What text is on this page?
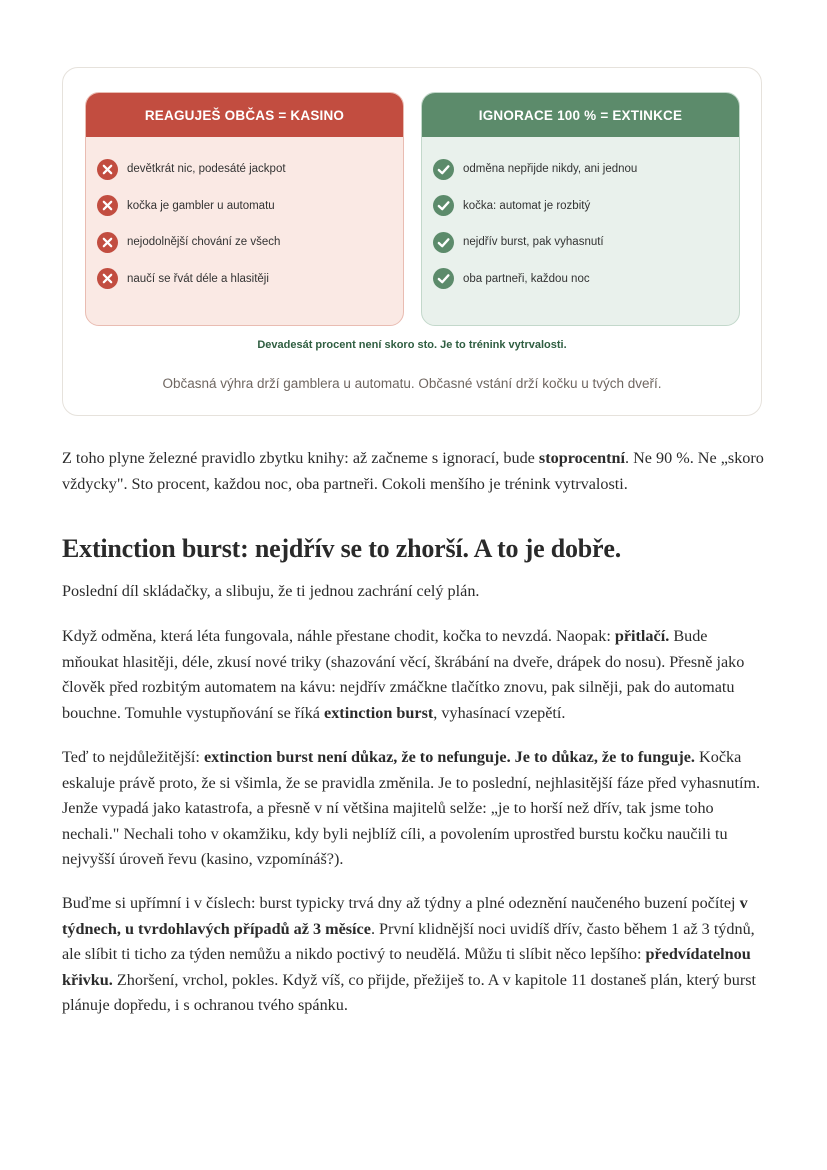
REAGUJEŠ OBČAS = KASINO
devětkrát nic, podesáté jackpot
kočka je gambler u automatu
nejodolnější chování ze všech
naučí se řvát déle a hlasitěji
IGNORACE 100 % = EXTINKCE
odměna nepřijde nikdy, ani jednou
kočka: automat je rozbitý
nejdřív burst, pak vyhasnutí
oba partneři, každou noc
Devadesát procent není skoro sto. Je to trénink vytrvalosti.
Občasná výhra drží gamblera u automatu. Občasné vstání drží kočku u tvých dveří.

Z toho plyne železné pravidlo zbytku knihy: až začneme s ignorací, bude stoprocentní. Ne 90 %. Ne „skoro vždycky". Sto procent, každou noc, oba partneři. Cokoli menšího je trénink vytrvalosti.

Extinction burst: nejdřív se to zhorší. A to je dobře.

Poslední díl skládačky, a slibuju, že ti jednou zachrání celý plán.

Když odměna, která léta fungovala, náhle přestane chodit, kočka to nevzdá. Naopak: přitlačí. Bude mňoukat hlasitěji, déle, zkusí nové triky (shazování věcí, škrábání na dveře, drápek do nosu). Přesně jako člověk před rozbitým automatem na kávu: nejdřív zmáčkne tlačítko znovu, pak silněji, pak do automatu bouchne. Tomuhle vystupňování se říká extinction burst, vyhasínací vzepětí.

Teď to nejdůležitější: extinction burst není důkaz, že to nefunguje. Je to důkaz, že to funguje. Kočka eskaluje právě proto, že si všimla, že se pravidla změnila. Je to poslední, nejhlasitější fáze před vyhasnutím. Jenže vypadá jako katastrofa, a přesně v ní většina majitelů selže: „je to horší než dřív, tak jsme toho nechali." Nechali toho v okamžiku, kdy byli nejblíž cíli, a povolením uprostřed burstu kočku naučili tu nejvyšší úroveň řevu (kasino, vzpomínáš?).

Buďme si upřímní i v číslech: burst typicky trvá dny až týdny a plné odeznění naučeného buzení počítej v týdnech, u tvrdohlavých případů až 3 měsíce. První klidnější noci uvidíš dřív, často během 1 až 3 týdnů, ale slíbit ti ticho za týden nemůžu a nikdo poctivý to neudělá. Můžu ti slíbit něco lepšího: předvídatelnou křivku. Zhoršení, vrchol, pokles. Když víš, co přijde, přežiješ to. A v kapitole 11 dostaneš plán, který burst plánuje dopředu, i s ochranou tvého spánku.
